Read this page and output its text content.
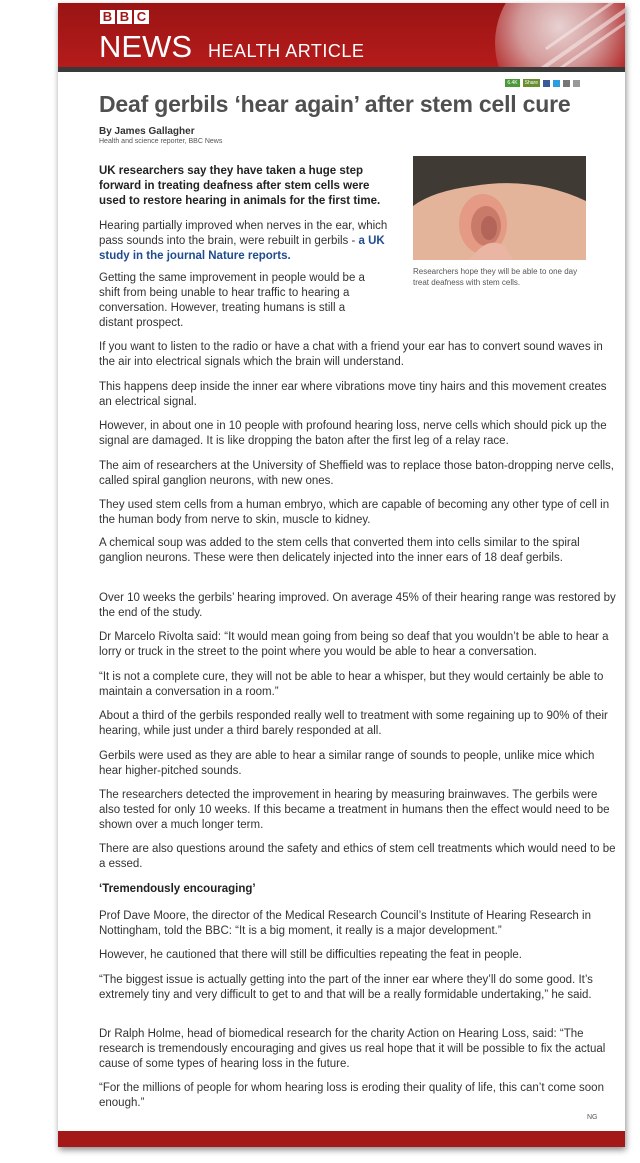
B B C
NEWS HEALTH ARTICLE
6.4K	Share
Deaf gerbils ‘hear again’ after stem cell cure
By James Gallagher
Health and science reporter, BBC News
UK researchers say they have taken a huge step forward in treating deafness after stem cells were used to restore hearing in animals for the first time.
Hearing partially improved when nerves in the ear, which pass sounds into the brain, were rebuilt in gerbils - a UK study in the journal Nature reports.
Getting the same improvement in people would be a shift from being unable to hear traffic to hearing a conversation. However, treating humans is still a distant prospect.
Researchers hope they will be able to one day treat deafness with stem cells.

If you want to listen to the radio or have a chat with a friend your ear has to convert sound waves in the air into electrical signals which the brain will understand.

This happens deep inside the inner ear where vibrations move tiny hairs and this movement creates an electrical signal.

However, in about one in 10 people with profound hearing loss, nerve cells which should pick up the signal are damaged. It is like dropping the baton after the first leg of a relay race.

The aim of researchers at the University of Sheffield was to replace those baton-dropping nerve cells, called spiral ganglion neurons, with new ones.

They used stem cells from a human embryo, which are capable of becoming any other type of cell in the human body from nerve to skin, muscle to kidney.

A chemical soup was added to the stem cells that converted them into cells similar to the spiral ganglion neurons. These were then delicately injected into the inner ears of 18 deaf gerbils.

Over 10 weeks the gerbils’ hearing improved. On average 45% of their hearing range was restored by the end of the study.

Dr Marcelo Rivolta said: “It would mean going from being so deaf that you wouldn’t be able to hear a lorry or truck in the street to the point where you would be able to hear a conversation.

“It is not a complete cure, they will not be able to hear a whisper, but they would certainly be able to maintain a conversation in a room.”

About a third of the gerbils responded really well to treatment with some regaining up to 90% of their hearing, while just under a third barely responded at all.

Gerbils were used as they are able to hear a similar range of sounds to people, unlike mice which hear higher-pitched sounds.

The researchers detected the improvement in hearing by measuring brainwaves. The gerbils were also tested for only 10 weeks. If this became a treatment in humans then the effect would need to be shown over a much longer term.

There are also questions around the safety and ethics of stem cell treatments which would need to be a essed.

‘Tremendously encouraging’

Prof Dave Moore, the director of the Medical Research Council’s Institute of Hearing Research in Nottingham, told the BBC: “It is a big moment, it really is a major development.”

However, he cautioned that there will still be difficulties repeating the feat in people.

“The biggest issue is actually getting into the part of the inner ear where they’ll do some good. It’s extremely tiny and very difficult to get to and that will be a really formidable undertaking,” he said.

Dr Ralph Holme, head of biomedical research for the charity Action on Hearing Loss, said: “The research is tremendously encouraging and gives us real hope that it will be possible to fix the actual cause of some types of hearing loss in the future.

“For the millions of people for whom hearing loss is eroding their quality of life, this can’t come soon enough.”

NG
